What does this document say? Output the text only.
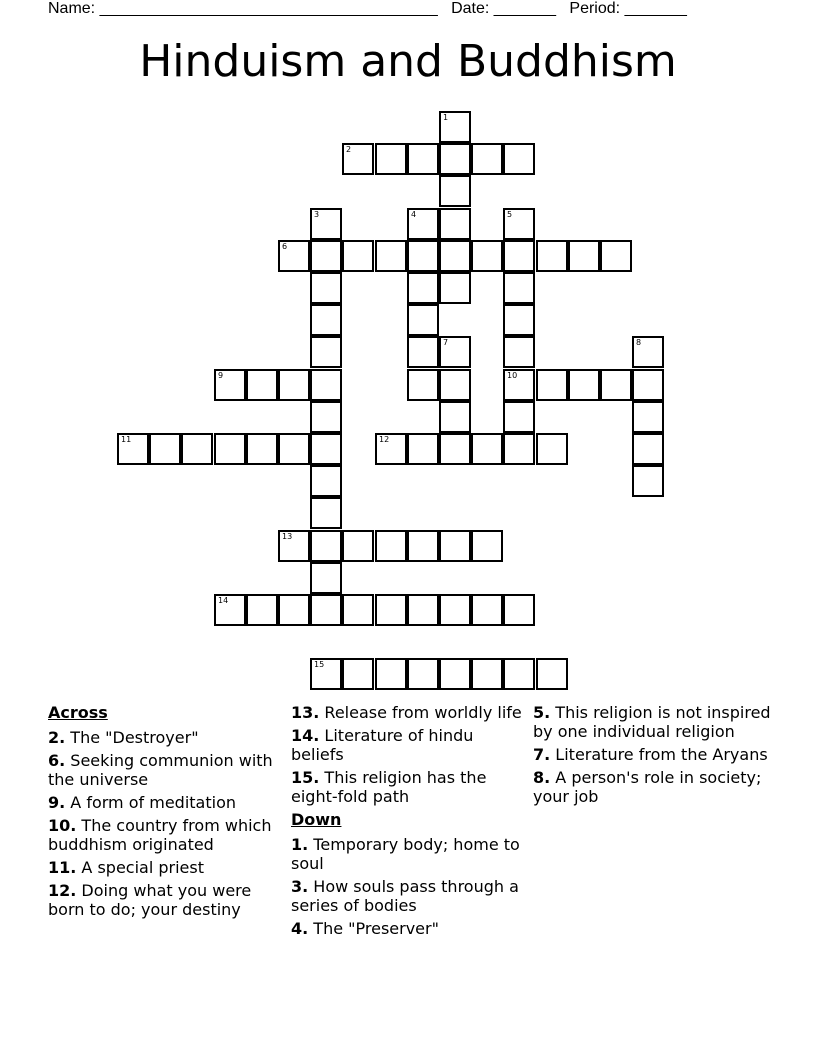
Name: ______________________________________ Date: _______ Period: _______
Hinduism and Buddhism
1
2
3	4	5
6
7	8
9	10
11	12
13
14
15
Across
2. The "Destroyer"
6. Seeking communion with the universe
9. A form of meditation
10. The country from which buddhism originated
11. A special priest
12. Doing what you were born to do; your destiny
13. Release from worldly life
14. Literature of hindu beliefs
15. This religion has the eight-fold path
Down
1. Temporary body; home to soul
3. How souls pass through a series of bodies
4. The "Preserver"
5. This religion is not inspired by one individual religion
7. Literature from the Aryans
8. A person's role in society; your job
